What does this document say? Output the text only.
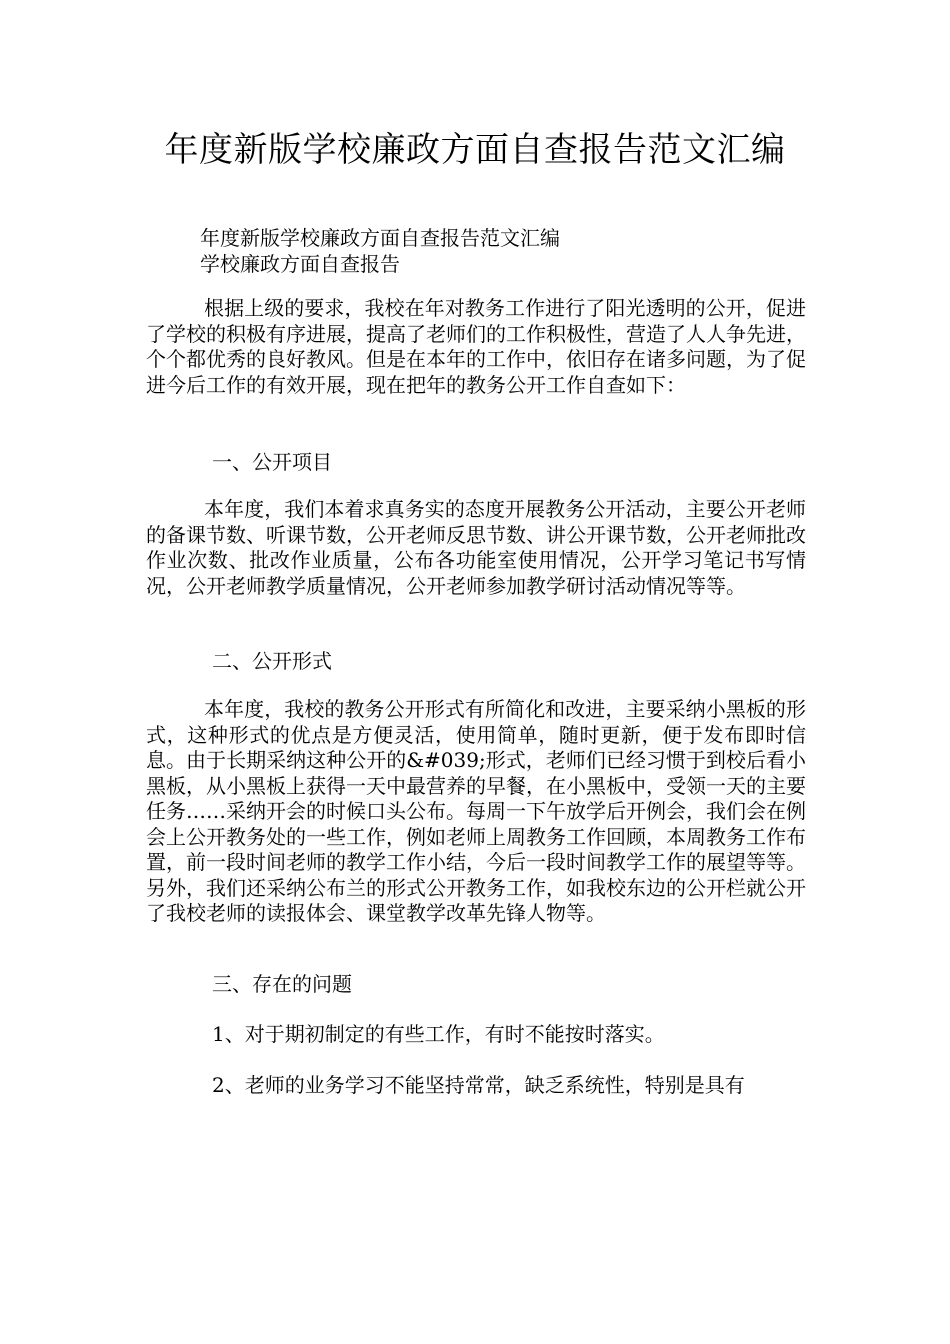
年度新版学校廉政方面自查报告范文汇编

年度新版学校廉政方面自查报告范文汇编

学校廉政方面自查报告

根据上级的要求，我校在年对教务工作进行了阳光透明的公开，促进了学校的积极有序进展，提高了老师们的工作积极性，营造了人人争先进，个个都优秀的良好教风。但是在本年的工作中，依旧存在诸多问题，为了促进今后工作的有效开展，现在把年的教务公开工作自查如下：

一、公开项目

本年度，我们本着求真务实的态度开展教务公开活动，主要公开老师的备课节数、听课节数，公开老师反思节数、讲公开课节数，公开老师批改作业次数、批改作业质量，公布各功能室使用情况，公开学习笔记书写情况，公开老师教学质量情况，公开老师参加教学研讨活动情况等等。

二、公开形式

本年度，我校的教务公开形式有所简化和改进，主要采纳小黑板的形式，这种形式的优点是方便灵活，使用简单，随时更新，便于发布即时信息。由于长期采纳这种公开的&#039;形式，老师们已经习惯于到校后看小黑板，从小黑板上获得一天中最营养的早餐，在小黑板中，受领一天的主要任务……采纳开会的时候口头公布。每周一下午放学后开例会，我们会在例会上公开教务处的一些工作，例如老师上周教务工作回顾，本周教务工作布置，前一段时间老师的教学工作小结，今后一段时间教学工作的展望等等。另外，我们还采纳公布兰的形式公开教务工作，如我校东边的公开栏就公开了我校老师的读报体会、课堂教学改革先锋人物等。

三、存在的问题

1、对于期初制定的有些工作，有时不能按时落实。

2、老师的业务学习不能坚持常常，缺乏系统性，特别是具有
